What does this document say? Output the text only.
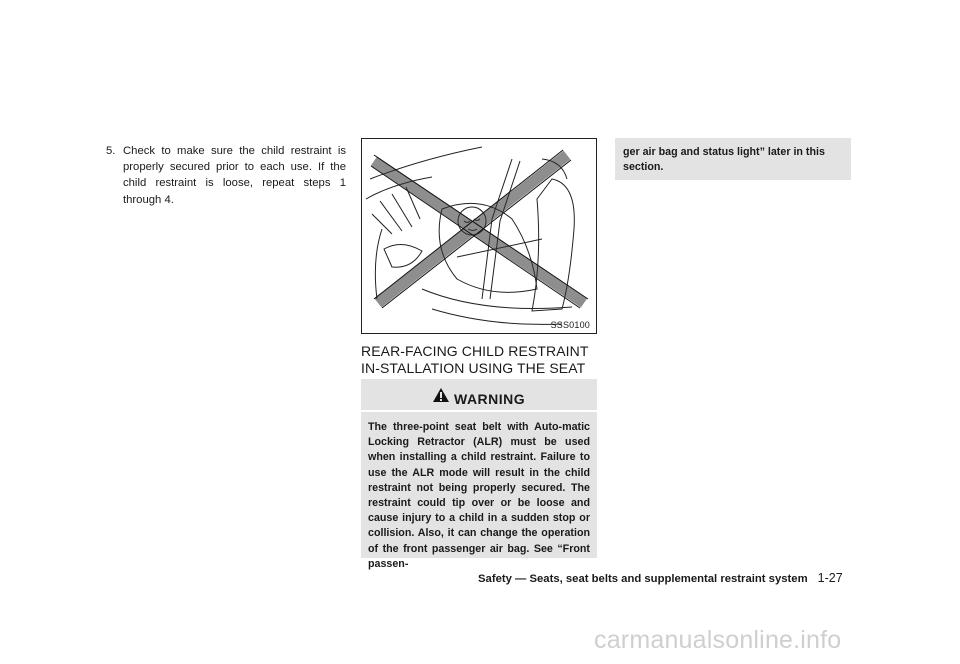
5. Check to make sure the child restraint is properly secured prior to each use. If the child restraint is loose, repeat steps 1 through 4.
SSS0100
REAR-FACING CHILD RESTRAINT IN-STALLATION USING THE SEAT
WARNING

The three-point seat belt with Auto-matic Locking Retractor (ALR) must be used when installing a child restraint. Failure to use the ALR mode will result in the child restraint not being properly secured. The restraint could tip over or be loose and cause injury to a child in a sudden stop or collision. Also, it can change the operation of the front passenger air bag. See “Front passen-

ger air bag and status light” later in this section.

Safety — Seats, seat belts and supplemental restraint system 1-27
carmanualsonline.info
